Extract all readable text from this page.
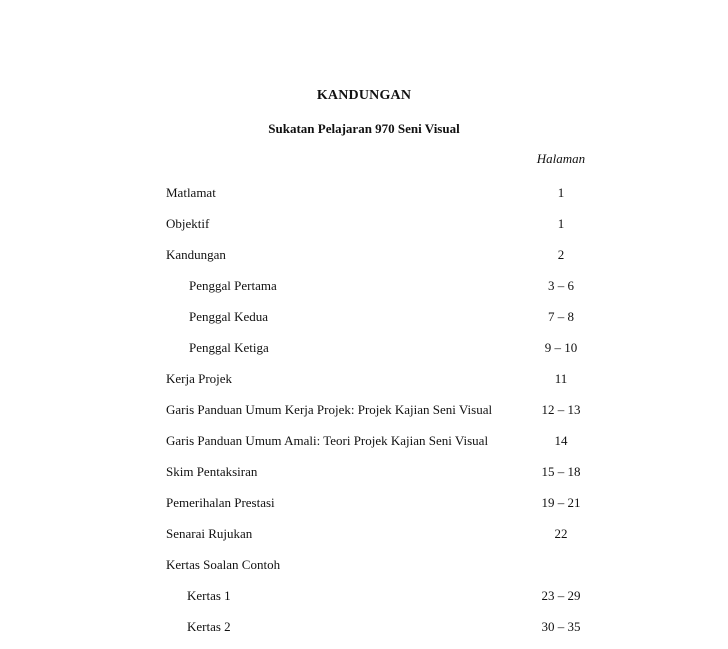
KANDUNGAN
Sukatan Pelajaran 970 Seni Visual
Halaman
Matlamat	1
Objektif	1
Kandungan	2
Penggal Pertama	3 – 6
Penggal Kedua	7 – 8
Penggal Ketiga	9 – 10
Kerja Projek	11
Garis Panduan Umum Kerja Projek: Projek Kajian Seni Visual	12 – 13
Garis Panduan Umum Amali: Teori Projek Kajian Seni Visual	14
Skim Pentaksiran	15 – 18
Pemerihalan Prestasi	19 – 21
Senarai Rujukan	22
Kertas Soalan Contoh
Kertas 1	23 – 29
Kertas 2	30 – 35
